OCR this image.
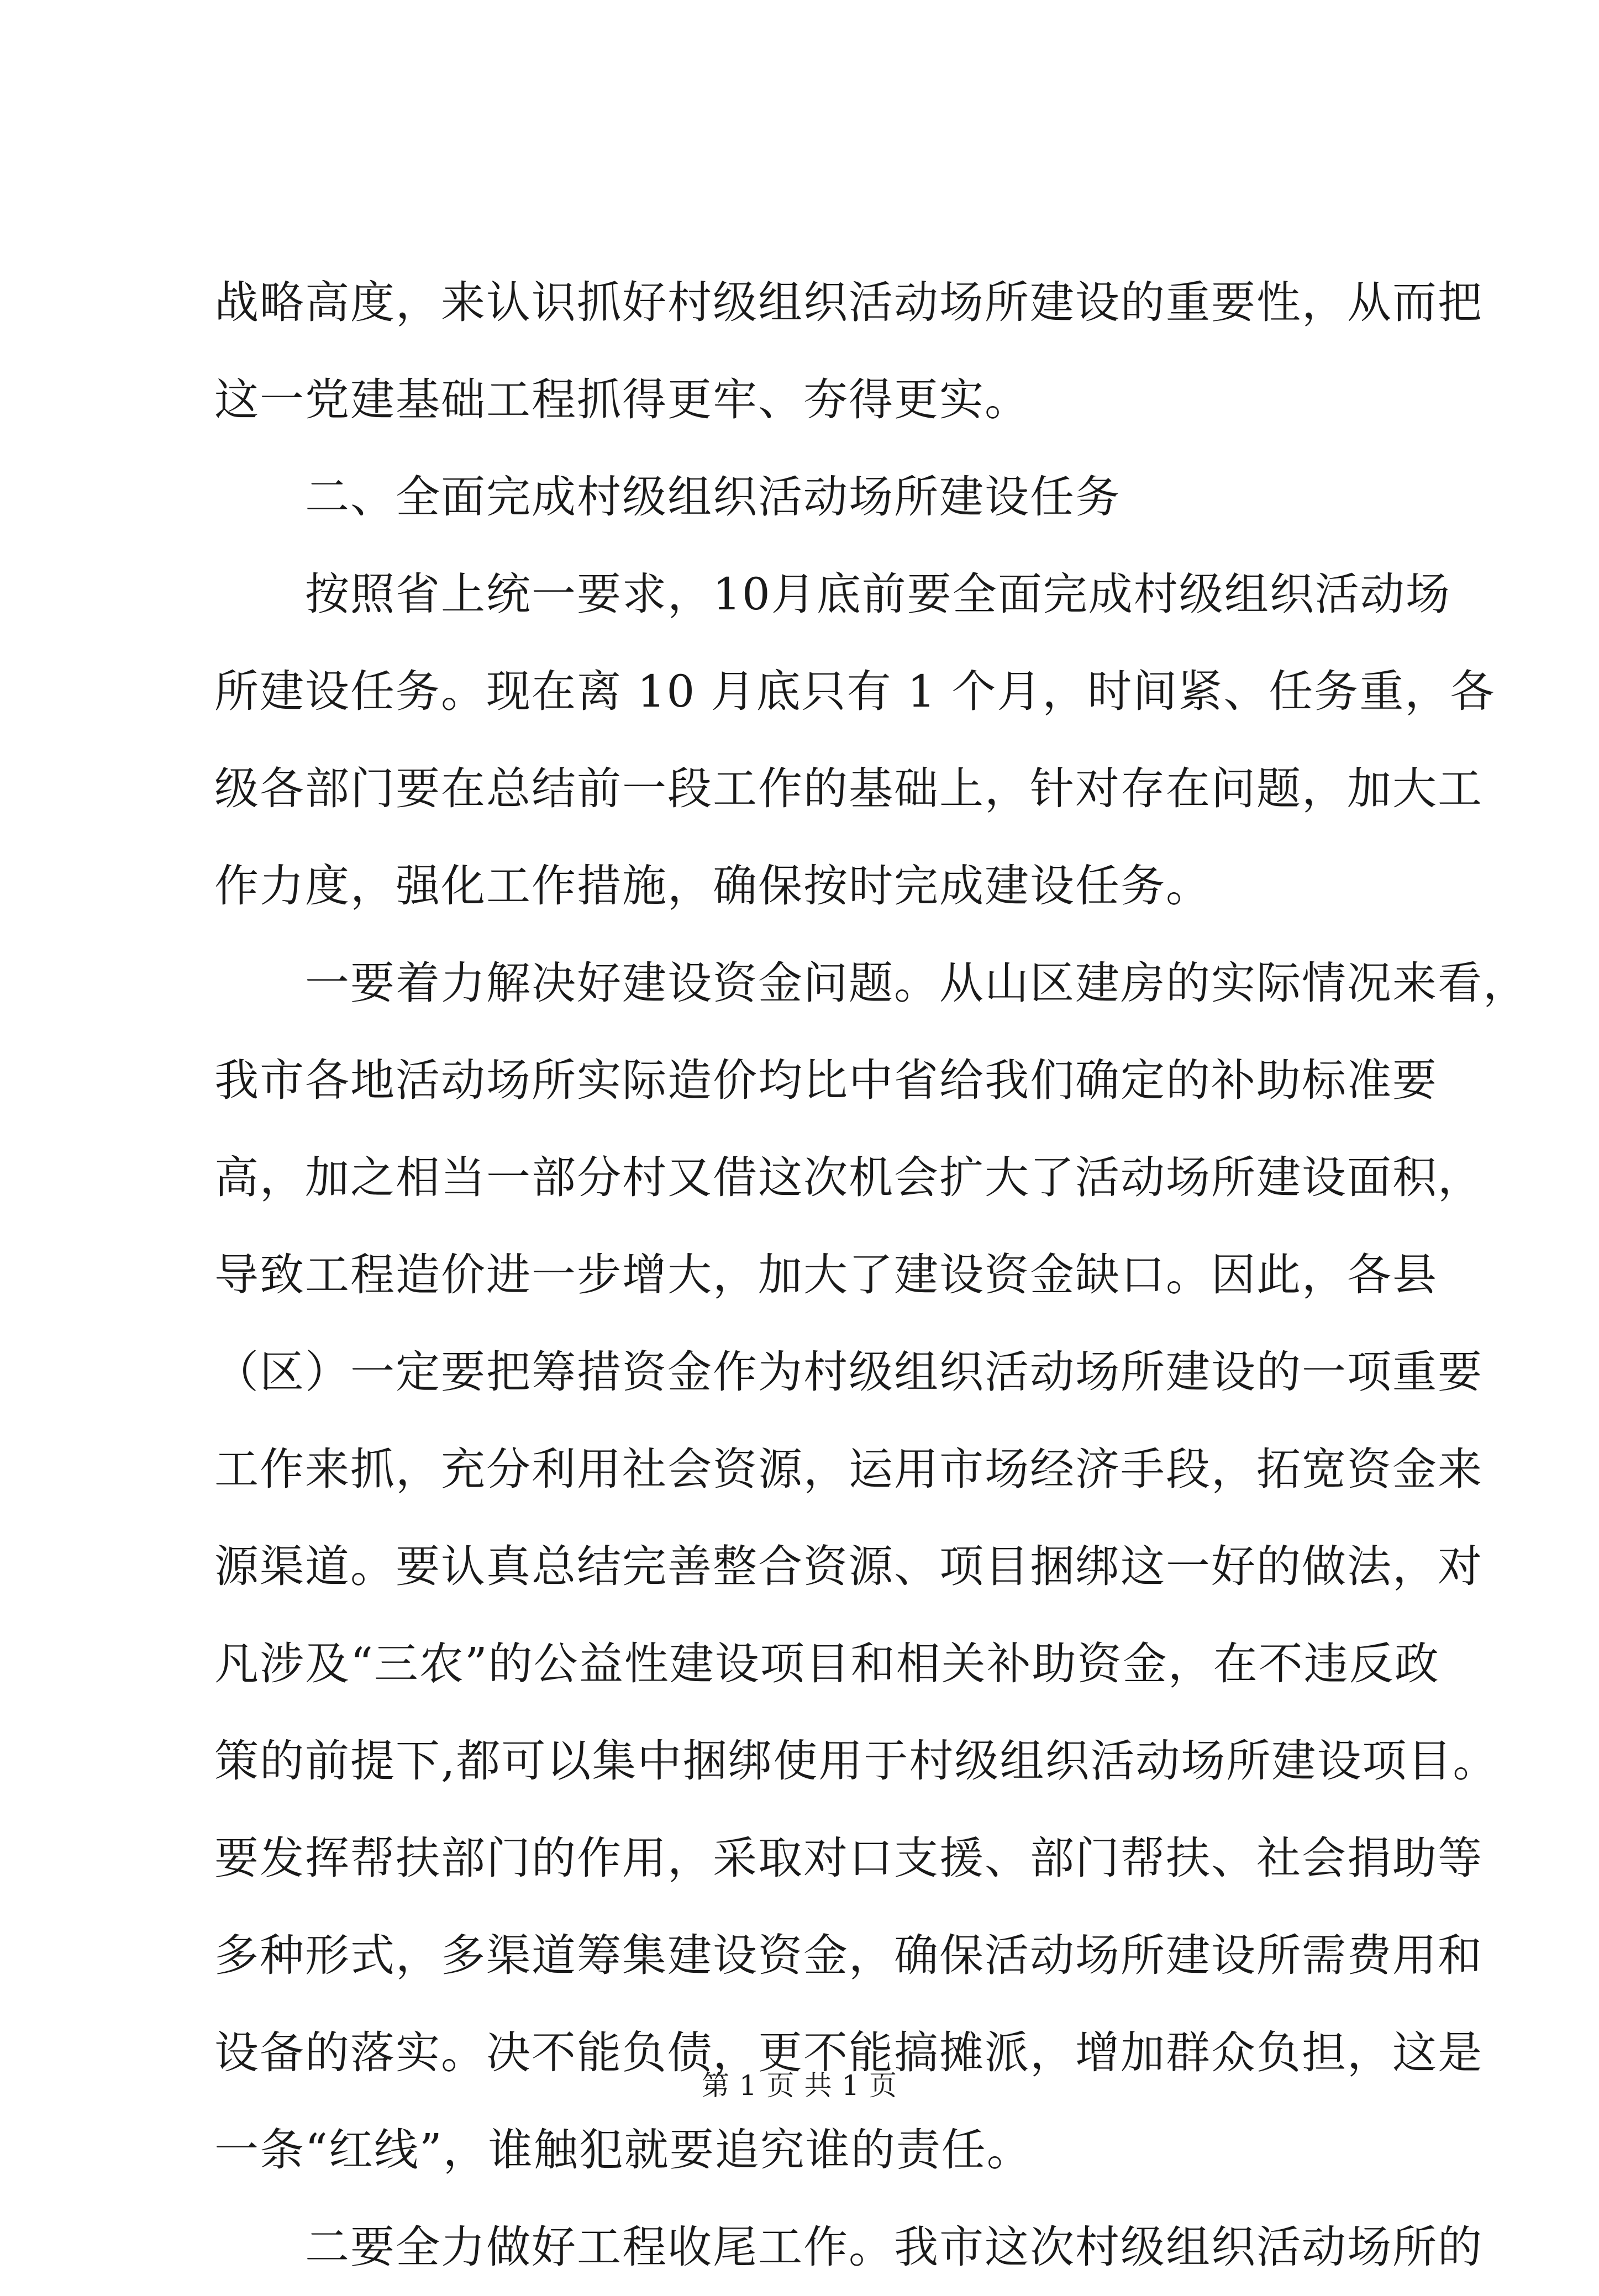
战略高度，来认识抓好村级组织活动场所建设的重要性，从而把
这一党建基础工程抓得更牢、夯得更实。
二、全面完成村级组织活动场所建设任务
按照省上统一要求，10月底前要全面完成村级组织活动场
所建设任务。现在离 10 月底只有 1 个月，时间紧、任务重，各
级各部门要在总结前一段工作的基础上，针对存在问题，加大工
作力度，强化工作措施，确保按时完成建设任务。
一要着力解决好建设资金问题。从山区建房的实际情况来看，
我市各地活动场所实际造价均比中省给我们确定的补助标准要
高，加之相当一部分村又借这次机会扩大了活动场所建设面积，
导致工程造价进一步增大，加大了建设资金缺口。因此，各县
（区）一定要把筹措资金作为村级组织活动场所建设的一项重要
工作来抓，充分利用社会资源，运用市场经济手段，拓宽资金来
源渠道。要认真总结完善整合资源、项目捆绑这一好的做法，对
凡涉及“三农”的公益性建设项目和相关补助资金，在不违反政
策的前提下,都可以集中捆绑使用于村级组织活动场所建设项目。
要发挥帮扶部门的作用，采取对口支援、部门帮扶、社会捐助等
多种形式，多渠道筹集建设资金，确保活动场所建设所需费用和
设备的落实。决不能负债，更不能搞摊派，增加群众负担，这是
一条“红线”，谁触犯就要追究谁的责任。
二要全力做好工程收尾工作。我市这次村级组织活动场所的
第 1 页 共 1 页
